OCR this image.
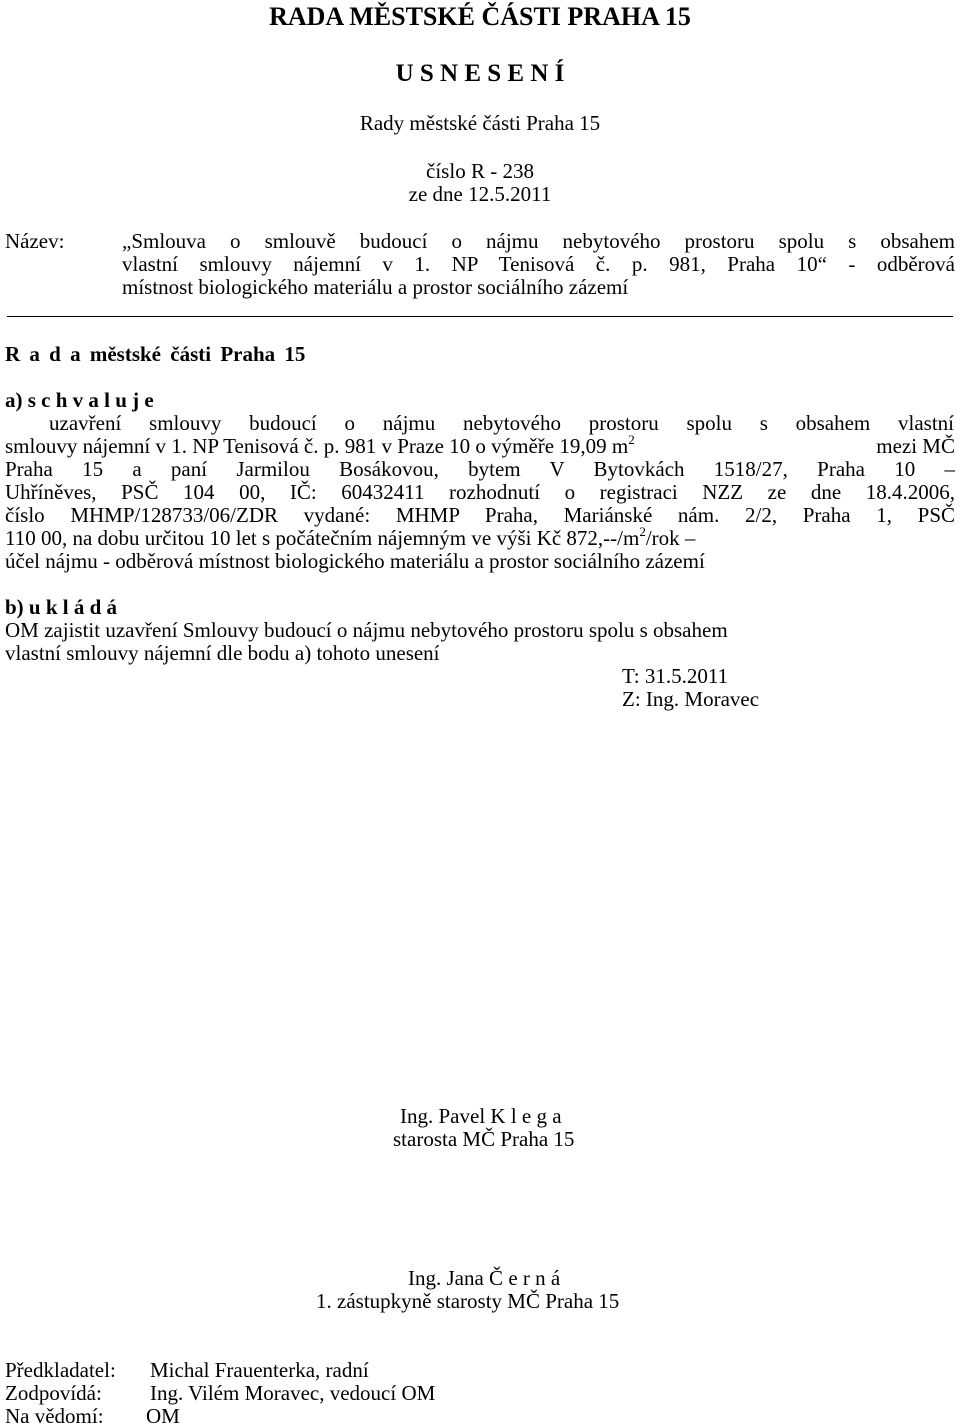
RADA MĚSTSKÉ ČÁSTI PRAHA 15
U S N E S E N Í
Rady městské části Praha 15
číslo R - 238
ze dne 12.5.2011
Název:	„Smlouva o smlouvě budoucí o nájmu nebytového prostoru spolu s obsahem
vlastní smlouvy nájemní v 1. NP Tenisová č. p. 981, Praha 10“ - odběrová
místnost biologického materiálu a prostor sociálního zázemí
R a d a městské části Praha 15
a) s c h v a l u j e
uzavření smlouvy budoucí o nájmu nebytového prostoru spolu s obsahem vlastní
smlouvy nájemní v 1. NP Tenisová č. p. 981 v Praze 10 o výměře 19,09 $m^2$	mezi MČ
Praha 15 a paní Jarmilou Bosákovou, bytem V Bytovkách 1518/27, Praha 10 –
Uhříněves, PSČ 104 00, IČ: 60432411 rozhodnutí o registraci NZZ ze dne 18.4.2006,
číslo MHMP/128733/06/ZDR vydané: MHMP Praha, Mariánské nám. 2/2, Praha 1, PSČ
110 00, na dobu určitou 10 let s počátečním nájemným ve výši Kč $872,--/m^2$/rok –
účel nájmu - odběrová místnost biologického materiálu a prostor sociálního zázemí
b) u k l á d á
OM zajistit uzavření Smlouvy budoucí o nájmu nebytového prostoru spolu s obsahem
vlastní smlouvy nájemní dle bodu a) tohoto unesení
T: 31.5.2011
Z: Ing. Moravec
Ing. Pavel K l e g a
starosta MČ Praha 15
Ing. Jana Č e r n á
1. zástupkyně starosty MČ Praha 15
Předkladatel: Michal Frauenterka, radní
Zodpovídá: Ing. Vilém Moravec, vedoucí OM
Na vědomí: OM
